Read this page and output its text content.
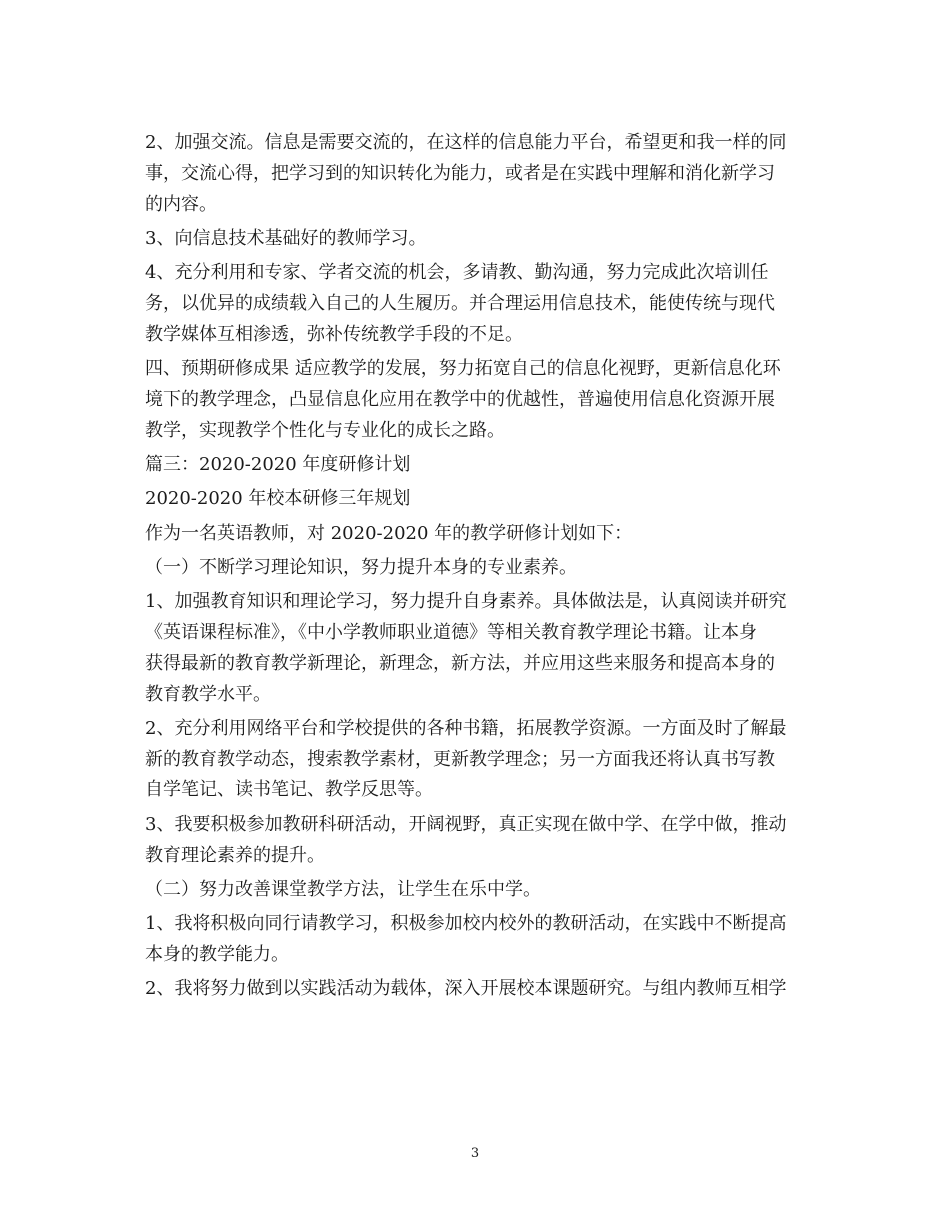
2、加强交流。信息是需要交流的，在这样的信息能力平台，希望更和我一样的同
事，交流心得，把学习到的知识转化为能力，或者是在实践中理解和消化新学习
的内容。
3、向信息技术基础好的教师学习。
4、充分利用和专家、学者交流的机会，多请教、勤沟通，努力完成此次培训任
务，以优异的成绩载入自己的人生履历。并合理运用信息技术，能使传统与现代
教学媒体互相渗透，弥补传统教学手段的不足。
四、预期研修成果 适应教学的发展，努力拓宽自己的信息化视野，更新信息化环
境下的教学理念，凸显信息化应用在教学中的优越性，普遍使用信息化资源开展
教学，实现教学个性化与专业化的成长之路。
篇三：2020-2020 年度研修计划
2020-2020 年校本研修三年规划
作为一名英语教师，对 2020-2020 年的教学研修计划如下：
（一）不断学习理论知识，努力提升本身的专业素养。
1、加强教育知识和理论学习，努力提升自身素养。具体做法是，认真阅读并研究
《英语课程标准》，《中小学教师职业道德》等相关教育教学理论书籍。让本身
获得最新的教育教学新理论，新理念，新方法，并应用这些来服务和提高本身的
教育教学水平。
2、充分利用网络平台和学校提供的各种书籍，拓展教学资源。一方面及时了解最
新的教育教学动态，搜索教学素材，更新教学理念；另一方面我还将认真书写教
自学笔记、读书笔记、教学反思等。
3、我要积极参加教研科研活动，开阔视野，真正实现在做中学、在学中做，推动
教育理论素养的提升。
（二）努力改善课堂教学方法，让学生在乐中学。
1、我将积极向同行请教学习，积极参加校内校外的教研活动，在实践中不断提高
本身的教学能力。
2、我将努力做到以实践活动为载体，深入开展校本课题研究。与组内教师互相学
3
